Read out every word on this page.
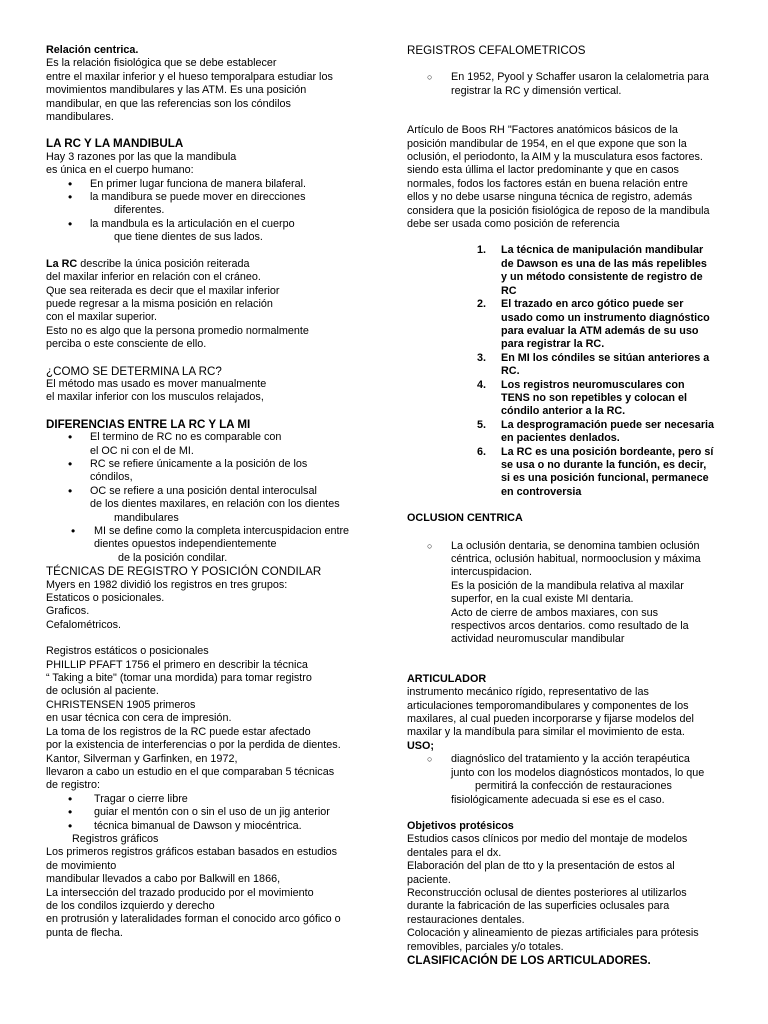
Relación centrica.

Es la relación fisiológica que se debe establecer

entre el maxilar inferior y el hueso temporalpara estudiar los

movimientos mandibulares y las ATM. Es una posición

mandibular, en que las referencias son los cóndilos

mandibulares.

LA RC Y LA MANDIBULA

Hay 3 razones por las que la mandibula

es única en el cuerpo humano:

• En primer lugar funciona de manera bilaferal.

• la mandibura se puede mover en direcciones

diferentes.

• la mandbula es la articulación en el cuerpo

que tiene dientes de sus lados.

La RC describe la única posición reiterada

del maxilar inferior en relación con el cráneo.

Que sea reiterada es decir que el maxilar inferior

puede regresar a la misma posición en relación

con el maxilar superior.

Esto no es algo que la persona promedio normalmente

perciba o este consciente de ello.

¿COMO SE DETERMINA LA RC?

El método mas usado es mover manualmente

el maxilar inferior con los musculos relajados,

DIFERENCIAS ENTRE LA RC Y LA MI

• El termino de RC no es comparable con

el OC ni con el de MI.

• RC se refiere únicamente a la posición de los

cóndilos,

• OC se refiere a una posición dental interoculsal

de los dientes maxilares, en relación con los dientes

mandibulares

• MI se define como la completa intercuspidacion entre

dientes opuestos independientemente

de la posición condilar.

TÉCNICAS DE REGISTRO Y POSICIÓN CONDILAR

Myers en 1982 dividió los registros en tres grupos:

Estaticos o posicionales.

Graficos.

Cefalométricos.

Registros estáticos o posicionales

PHILLIP PFAFT 1756 el primero en describir la técnica

“ Taking a bite" (tomar una mordida) para tomar registro

de oclusión al paciente.

CHRISTENSEN 1905 primeros

en usar técnica con cera de impresión.

La toma de los registros de la RC puede estar afectado

por la existencia de interferencias o por la perdida de dientes.

Kantor, Silverman y Garfinken, en 1972,

llevaron a cabo un estudio en el que comparaban 5 técnicas

de registro:

• Tragar o cierre libre

• guiar el mentón con o sin el uso de un jig anterior

• técnica bimanual de Dawson y miocéntrica.

Registros gráficos

Los primeros registros gráficos estaban basados en estudios

de movimiento

mandibular llevados a cabo por Balkwill en 1866,

La intersección del trazado producido por el movimiento

de los condilos izquierdo y derecho

en protrusión y lateralidades forman el conocido arco gófico o

punta de flecha.

REGISTROS CEFALOMETRICOS

○ En 1952, Pyool y Schaffer usaron la celalometria para

registrar la RC y dimensión vertical.

Artículo de Boos RH "Factores anatómicos básicos de la

posición mandibular de 1954, en el que expone que son la

oclusión, el periodonto, la AIM y la musculatura esos factores.

siendo esta úllima el lactor predominante y que en casos

normales, fodos los factores están en buena relación entre

ellos y no debe usarse ninguna técnica de registro, además

considera que la posición fisiológica de reposo de la mandibula

debe ser usada como posición de referencia

1. La técnica de manipulación mandibular

de Dawson es una de las más repelibles

y un método consistente de registro de

RC

2. El trazado en arco gótico puede ser

usado como un instrumento diagnóstico

para evaluar la ATM además de su uso

para registrar la RC.

3. En MI los cóndiles se sitúan anteriores a

RC.

4. Los registros neuromusculares con

TENS no son repetibles y colocan el

cóndilo anterior a la RC.

5. La desprogramación puede ser necesaria

en pacientes denlados.

6. La RC es una posición bordeante, pero sí

se usa o no durante la función, es decir,

si es una posición funcional, permanece

en controversia

OCLUSION CENTRICA

○ La oclusión dentaria, se denomina tambien oclusión

céntrica, oclusión habitual, normooclusion y máxima

intercuspidacion.

Es la posición de la mandibula relativa al maxilar

superfor, en la cual existe MI dentaria.

Acto de cierre de ambos maxiares, con sus

respectivos arcos dentarios. como resultado de la

actividad neuromuscular mandibular

ARTICULADOR

instrumento mecánico rígido, representativo de las

articulaciones temporomandibulares y componentes de los

maxilares, al cual pueden incorporarse y fijarse modelos del

maxilar y la mandíbula para similar el movimiento de esta.

USO;

○ diagnóslico del tratamiento y la acción terapéutica

junto con los modelos diagnósticos montados, lo que

permitirá la confección de restauraciones

fisiológicamente adecuada si ese es el caso.

Objetivos protésicos

Estudios casos clínicos por medio del montaje de modelos

dentales para el dx.

Elaboración del plan de tto y la presentación de estos al

paciente.

Reconstrucción oclusal de dientes posteriores al utilizarlos

durante la fabricación de las superficies oclusales para

restauraciones dentales.

Colocación y alineamiento de piezas artificiales para prótesis

removibles, parciales y/o totales.

CLASIFICACIÓN DE LOS ARTICULADORES.
